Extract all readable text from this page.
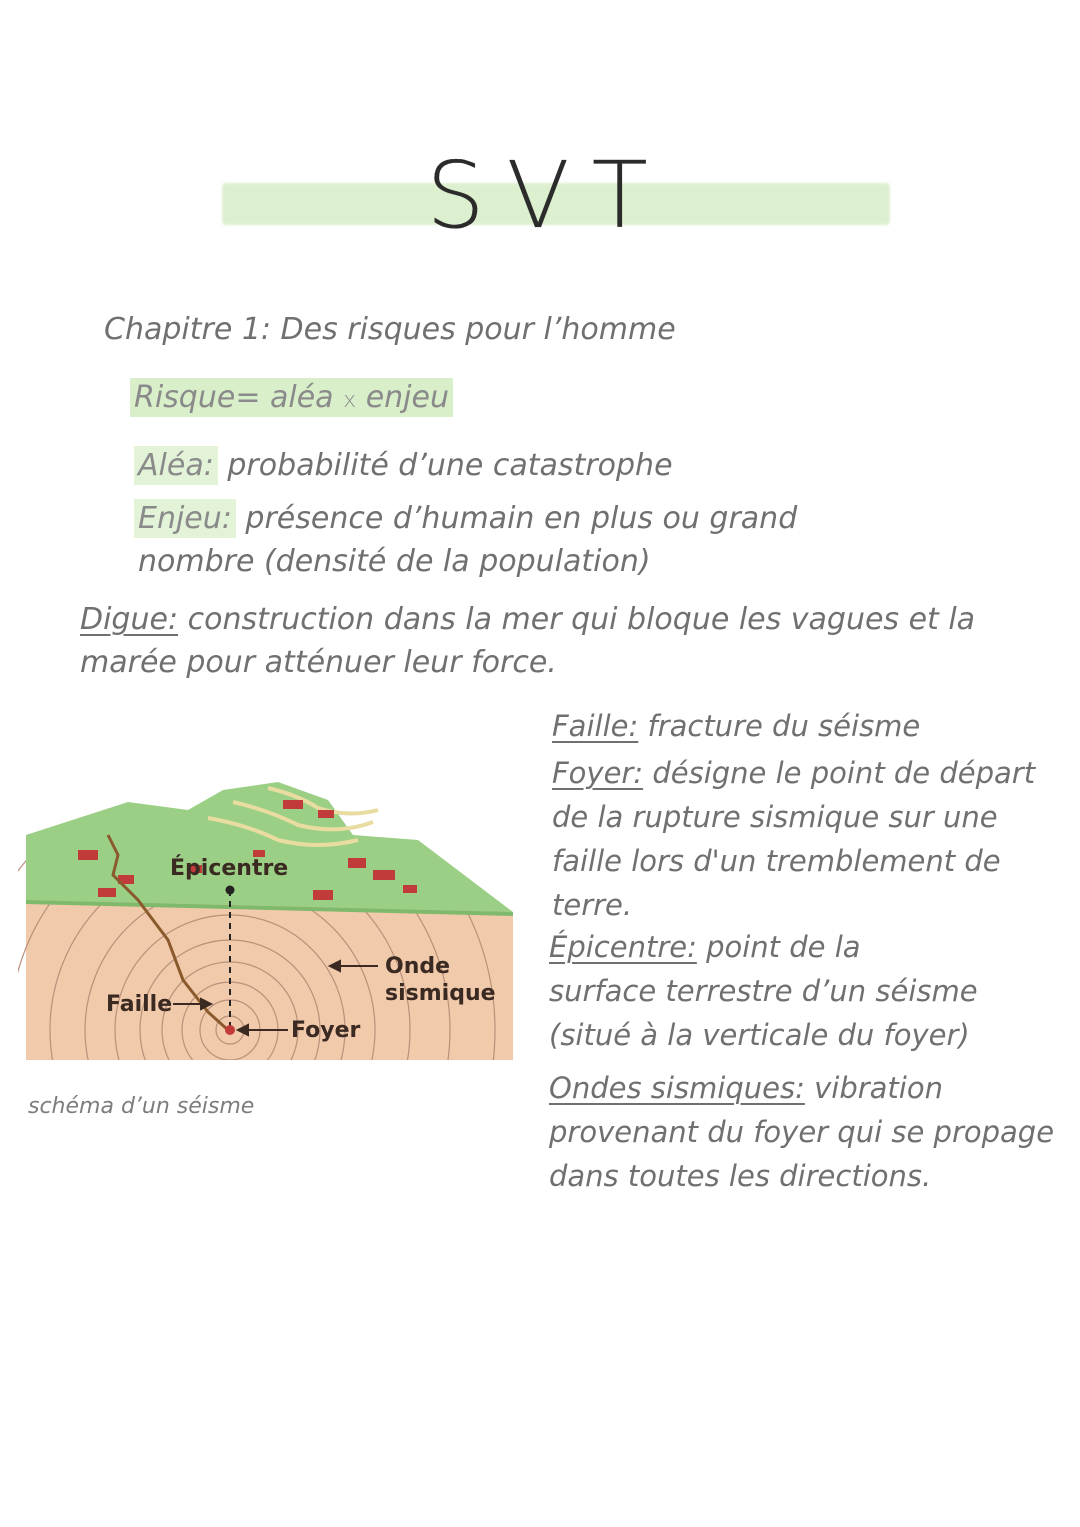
SVT
Chapitre 1: Des risques pour l’homme
Risque= aléa x enjeu
Aléa: probabilité d’une catastrophe
Enjeu: présence d’humain en plus ou grand
nombre (densité de la population)
Digue: construction dans la mer qui bloque les vagues et la
marée pour atténuer leur force.
Épicentre
Onde
sismique
Faille
Foyer
schéma d’un séisme
Faille: fracture du séisme
Foyer: désigne le point de départ
de la rupture sismique sur une
faille lors d'un tremblement de
terre.
Épicentre: point de la
surface terrestre d’un séisme
(situé à la verticale du foyer)
Ondes sismiques: vibration
provenant du foyer qui se propage
dans toutes les directions.
